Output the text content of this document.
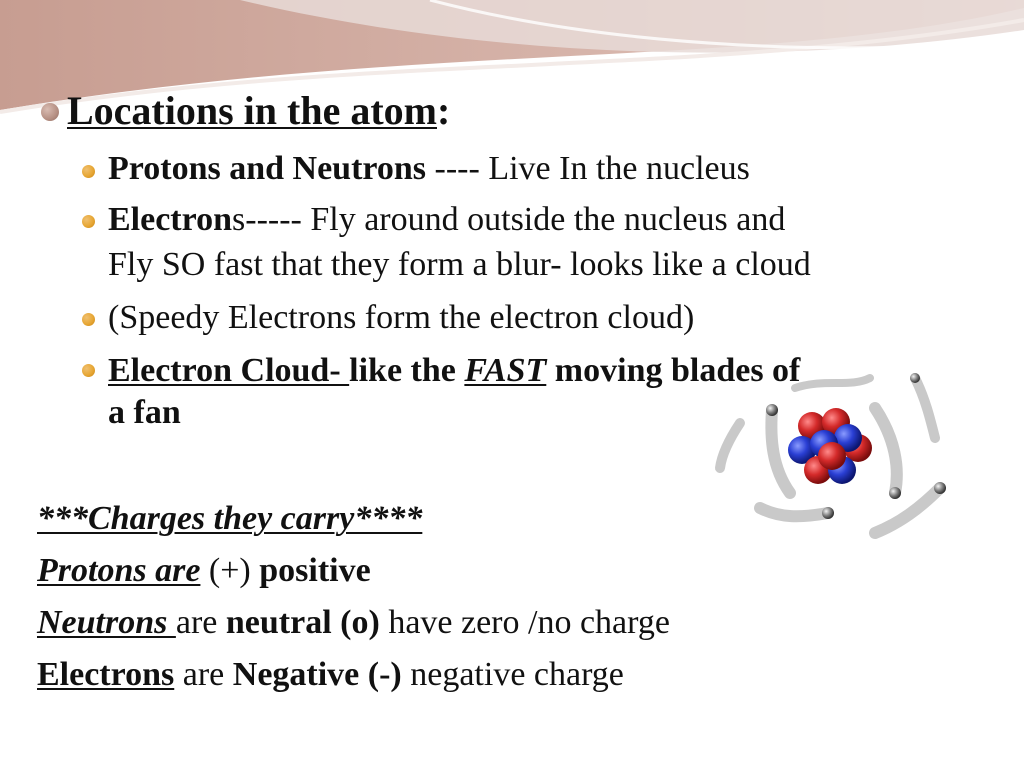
Locations in the atom:
Protons and Neutrons ---- Live In the nucleus
Electrons----- Fly around outside the nucleus and
Fly SO fast that they form a blur- looks like a cloud
(Speedy Electrons form the electron cloud)
Electron Cloud- like the FAST moving blades of
a fan
***Charges they carry****
Protons are (+) positive
Neutrons are neutral (o) have zero /no charge
Electrons are Negative (-) negative charge
